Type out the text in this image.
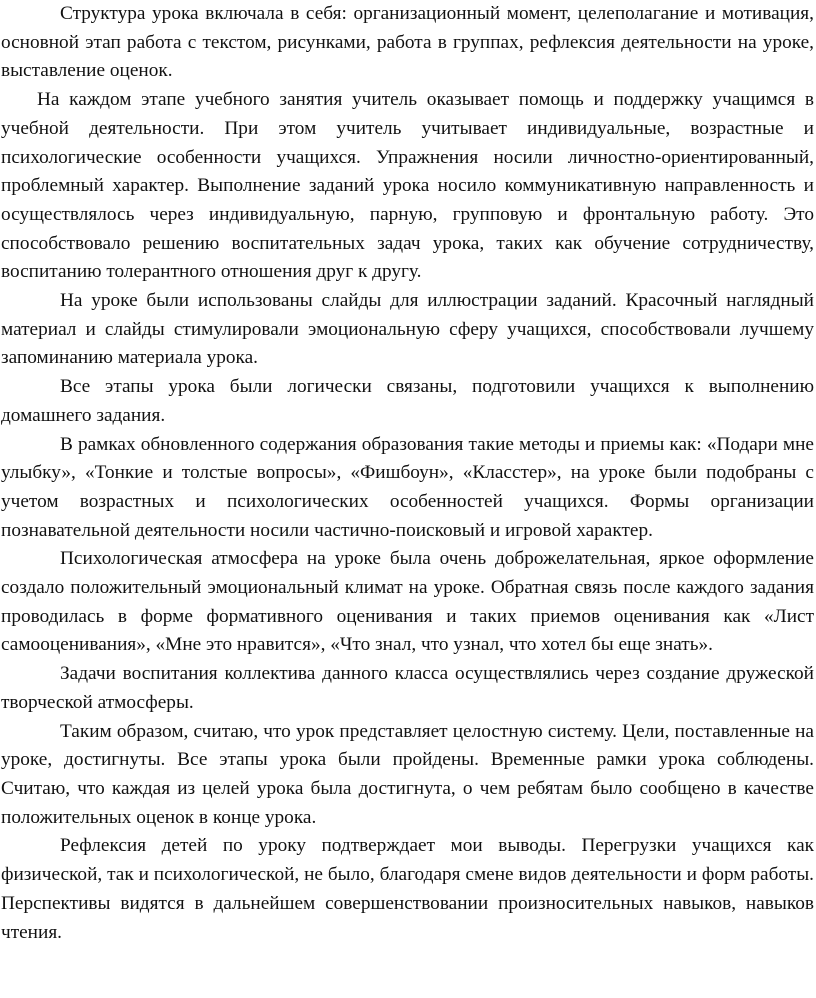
Структура урока включала в себя: организационный момент, целеполагание и мотивация, основной этап работа с текстом, рисунками, работа в группах, рефлексия деятельности на уроке, выставление оценок.

На каждом этапе учебного занятия учитель оказывает помощь и поддержку учащимся в учебной деятельности. При этом учитель учитывает индивидуальные, возрастные и психологические особенности учащихся. Упражнения носили личностно-ориентированный, проблемный характер. Выполнение заданий урока носило коммуникативную направленность и осуществлялось через индивидуальную, парную, групповую и фронтальную работу. Это способствовало решению воспитательных задач урока, таких как обучение сотрудничеству, воспитанию толерантного отношения друг к другу.

На уроке были использованы слайды для иллюстрации заданий. Красочный наглядный материал и слайды стимулировали эмоциональную сферу учащихся, способствовали лучшему запоминанию материала урока.

Все этапы урока были логически связаны, подготовили учащихся к выполнению домашнего задания.

В рамках обновленного содержания образования такие методы и приемы как: «Подари мне улыбку», «Тонкие и толстые вопросы», «Фишбоун», «Класстер», на уроке были подобраны с учетом возрастных и психологических особенностей учащихся. Формы организации познавательной деятельности носили частично-поисковый и игровой характер.

Психологическая атмосфера на уроке была очень доброжелательная, яркое оформление создало положительный эмоциональный климат на уроке. Обратная связь после каждого задания проводилась в форме формативного оценивания и таких приемов оценивания как «Лист самооценивания», «Мне это нравится», «Что знал, что узнал, что хотел бы еще знать».

Задачи воспитания коллектива данного класса осуществлялись через создание дружеской творческой атмосферы.

Таким образом, считаю, что урок представляет целостную систему. Цели, поставленные на уроке, достигнуты. Все этапы урока были пройдены. Временные рамки урока соблюдены. Считаю, что каждая из целей урока была достигнута, о чем ребятам было сообщено в качестве положительных оценок в конце урока.

Рефлексия детей по уроку подтверждает мои выводы. Перегрузки учащихся как физической, так и психологической, не было, благодаря смене видов деятельности и форм работы. Перспективы видятся в дальнейшем совершенствовании произносительных навыков, навыков чтения.
